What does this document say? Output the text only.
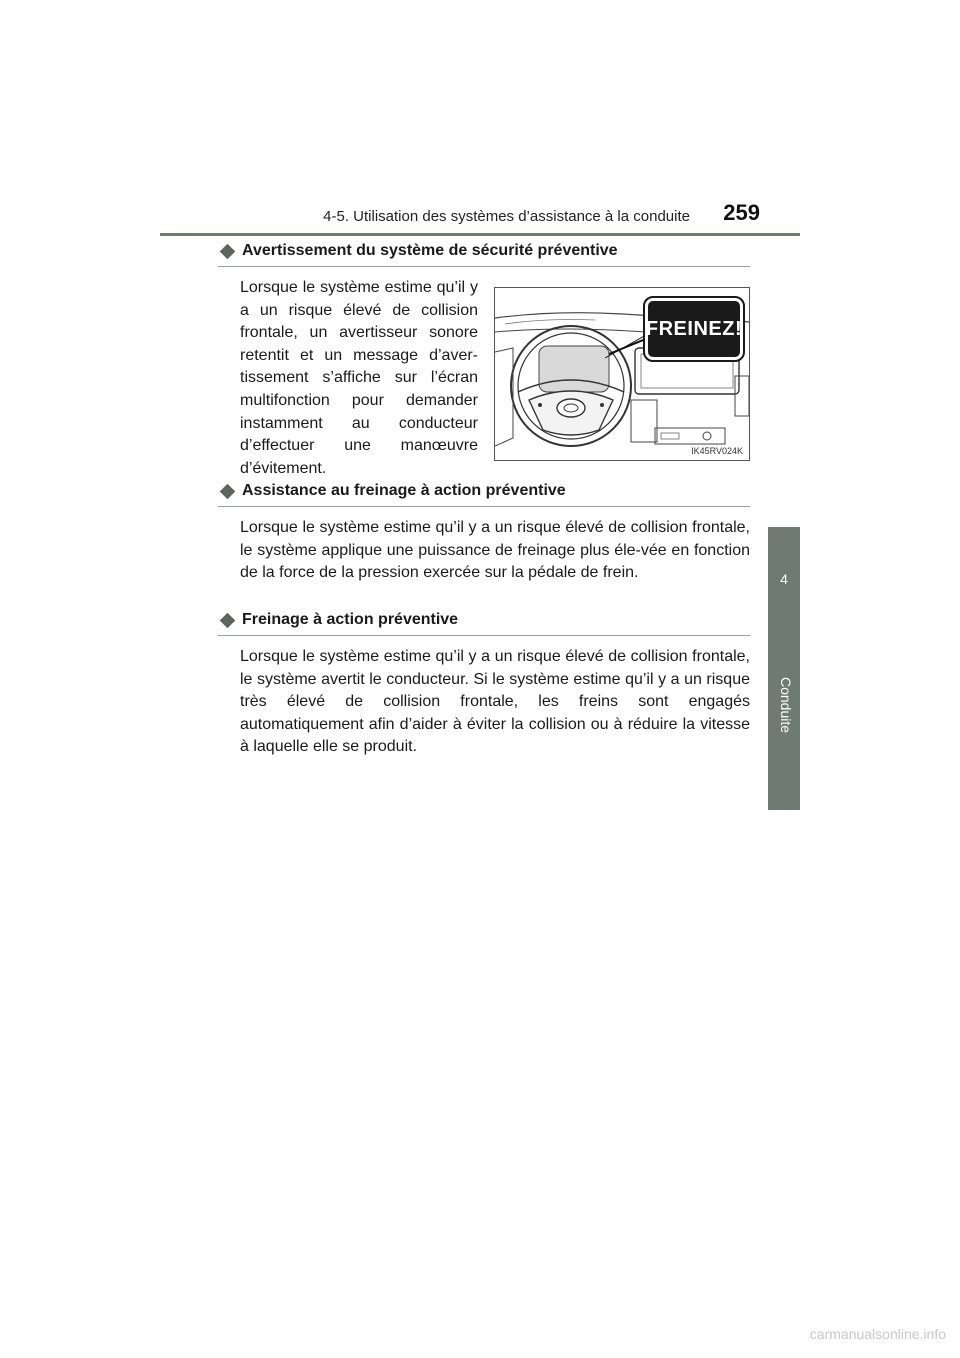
4-5. Utilisation des systèmes d’assistance à la conduite 259
4
Conduite
Avertissement du système de sécurité préventive

Lorsque le système estime qu’il y a un risque élevé de collision frontale, un avertisseur sonore retentit et un message d’aver-tissement s’affiche sur l’écran multifonction pour demander instamment au conducteur d’effectuer une manœuvre d’évitement.

FREINEZ!
IK45RV024K
Assistance au freinage à action préventive

Lorsque le système estime qu’il y a un risque élevé de collision frontale, le système applique une puissance de freinage plus éle-vée en fonction de la force de la pression exercée sur la pédale de frein.

Freinage à action préventive

Lorsque le système estime qu’il y a un risque élevé de collision frontale, le système avertit le conducteur. Si le système estime qu’il y a un risque très élevé de collision frontale, les freins sont engagés automatiquement afin d’aider à éviter la collision ou à réduire la vitesse à laquelle elle se produit.

carmanualsonline.info
